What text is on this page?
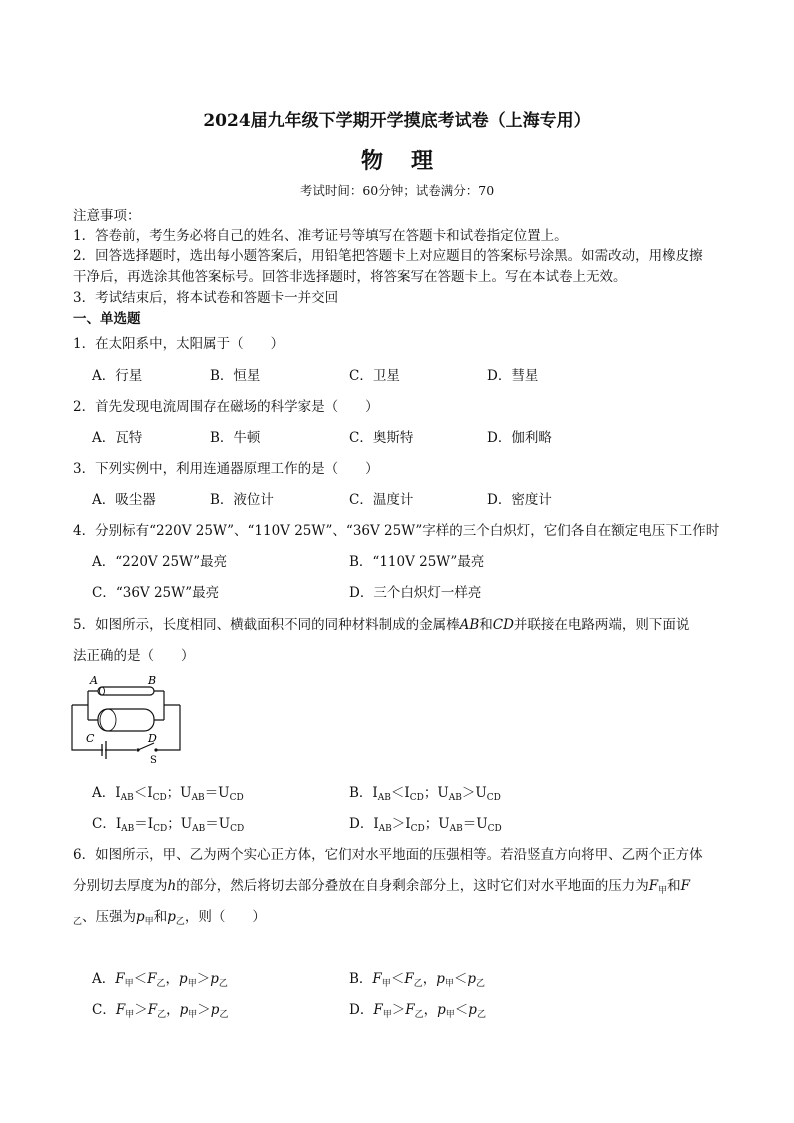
2024届九年级下学期开学摸底考试卷（上海专用）
物理
考试时间：60分钟；试卷满分：70
注意事项：
1．答卷前，考生务必将自己的姓名、准考证号等填写在答题卡和试卷指定位置上。
2．回答选择题时，选出每小题答案后，用铅笔把答题卡上对应题目的答案标号涂黑。如需改动，用橡皮擦
干净后，再选涂其他答案标号。回答非选择题时，将答案写在答题卡上。写在本试卷上无效。
3．考试结束后，将本试卷和答题卡一并交回
一、单选题
1．在太阳系中，太阳属于（　　）
A．行星	B．恒星	C．卫星	D．彗星
2．首先发现电流周围存在磁场的科学家是（　　）
A．瓦特	B．牛顿	C．奥斯特	D．伽利略
3．下列实例中，利用连通器原理工作的是（　　）
A．吸尘器	B．液位计	C．温度计	D．密度计
4．分别标有“220V 25W”、“110V 25W”、“36V 25W”字样的三个白炽灯，它们各自在额定电压下工作时
A．“220V 25W”最亮	B．“110V 25W”最亮
C．“36V 25W”最亮	D．三个白炽灯一样亮
5．如图所示，长度相同、横截面积不同的同种材料制成的金属棒AB和CD并联接在电路两端，则下面说
法正确的是（　　）
A	B
C	D
S
A．$I_{AB}<I_{CD}$；$U_{AB}=U_{CD}$	B．$I_{AB}<I_{CD}$；$U_{AB}>U_{CD}$
C．$I_{AB}=I_{CD}$；$U_{AB}=U_{CD}$	D．$I_{AB}>I_{CD}$；$U_{AB}=U_{CD}$
6．如图所示，甲、乙为两个实心正方体，它们对水平地面的压强相等。若沿竖直方向将甲、乙两个正方体
分别切去厚度为h的部分，然后将切去部分叠放在自身剩余部分上，这时它们对水平地面的压力为$F_甲$和F
$_乙$、压强为$p_甲$和$p_乙$，则（　　）
A．$F_甲<F_乙$，$p_甲>p_乙$	B．$F_甲<F_乙$，$p_甲<p_乙$
C．$F_甲>F_乙$，$p_甲>p_乙$	D．$F_甲>F_乙$，$p_甲<p_乙$
